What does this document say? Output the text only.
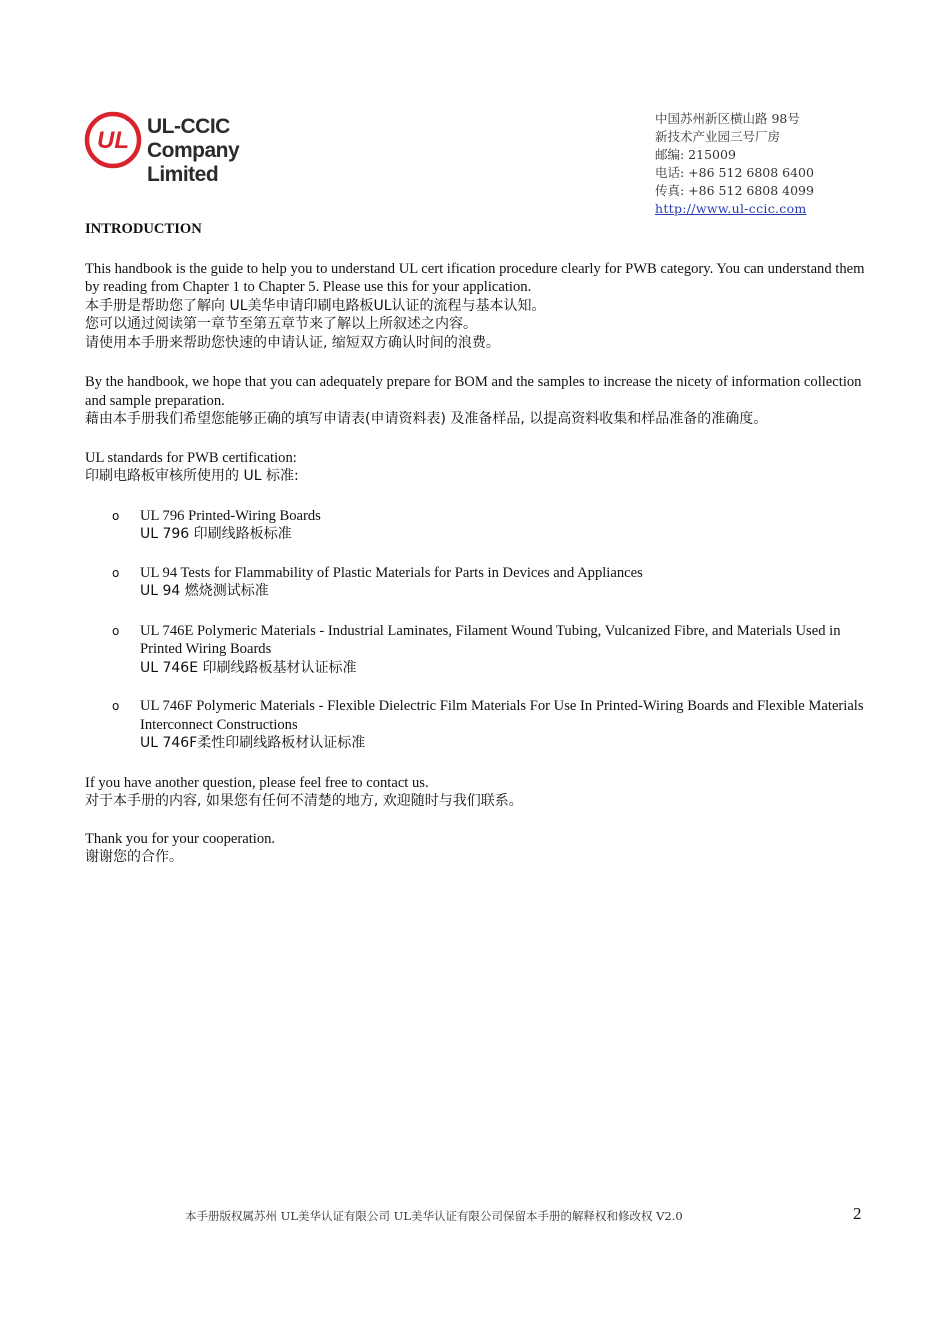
UL
UL-CCIC
Company Limited
中国苏州新区横山路 98号
新技术产业园三号厂房
邮编: 215009
电话: +86 512 6808 6400
传真: +86 512 6808 4099
http://www.ul-ccic.com

INTRODUCTION

This handbook is the guide to help you to understand UL cert ification procedure clearly for PWB category. You can understand them by reading from Chapter 1 to Chapter 5. Please use this for your application.

本手册是帮助您了解向 UL美华申请印刷电路板UL认证的流程与基本认知。

您可以通过阅读第一章节至第五章节来了解以上所叙述之内容。

请使用本手册来帮助您快速的申请认证, 缩短双方确认时间的浪费。

By the handbook, we hope that you can adequately prepare for BOM and the samples to increase the nicety of information collection and sample preparation.

藉由本手册我们希望您能够正确的填写申请表(申请资料表) 及准备样品, 以提高资料收集和样品准备的准确度。

UL standards for PWB certification:

印刷电路板审核所使用的 UL 标准:

o UL 796 Printed-Wiring Boards

UL 796 印刷线路板标准

o UL 94 Tests for Flammability of Plastic Materials for Parts in Devices and Appliances

UL 94 燃烧测试标准

o UL 746E Polymeric Materials - Industrial Laminates, Filament Wound Tubing, Vulcanized Fibre, and Materials Used in Printed Wiring Boards

UL 746E 印刷线路板基材认证标准

o UL 746F Polymeric Materials - Flexible Dielectric Film Materials For Use In Printed-Wiring Boards and Flexible Materials Interconnect Constructions

UL 746F柔性印刷线路板材认证标准

If you have another question, please feel free to contact us.

对于本手册的内容, 如果您有任何不清楚的地方, 欢迎随时与我们联系。

Thank you for your cooperation.

谢谢您的合作。

本手册版权属苏州 UL美华认证有限公司 UL美华认证有限公司保留本手册的解释权和修改权 V2.0	2
